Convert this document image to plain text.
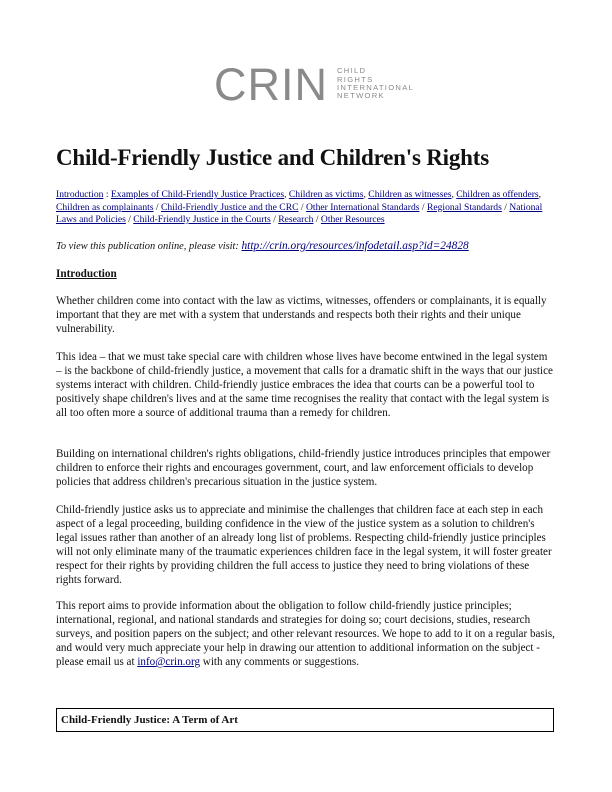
CRIN CHILD
RIGHTS
INTERNATIONAL
NETWORK
Child-Friendly Justice and Children's Rights
Introduction : Examples of Child-Friendly Justice Practices, Children as victims, Children as witnesses, Children as offenders, Children as complainants / Child-Friendly Justice and the CRC / Other International Standards / Regional Standards / National Laws and Policies / Child-Friendly Justice in the Courts / Research / Other Resources
To view this publication online, please visit: http://crin.org/resources/infodetail.asp?id=24828
Introduction

Whether children come into contact with the law as victims, witnesses, offenders or complainants, it is equally important that they are met with a system that understands and respects both their rights and their unique vulnerability.

This idea – that we must take special care with children whose lives have become entwined in the legal system – is the backbone of child-friendly justice, a movement that calls for a dramatic shift in the ways that our justice systems interact with children. Child-friendly justice embraces the idea that courts can be a powerful tool to positively shape children's lives and at the same time recognises the reality that contact with the legal system is all too often more a source of additional trauma than a remedy for children.

Building on international children's rights obligations, child-friendly justice introduces principles that empower children to enforce their rights and encourages government, court, and law enforcement officials to develop policies that address children's precarious situation in the justice system.

Child-friendly justice asks us to appreciate and minimise the challenges that children face at each step in each aspect of a legal proceeding, building confidence in the view of the justice system as a solution to children's legal issues rather than another of an already long list of problems. Respecting child-friendly justice principles will not only eliminate many of the traumatic experiences children face in the legal system, it will foster greater respect for their rights by providing children the full access to justice they need to bring violations of these rights forward.

This report aims to provide information about the obligation to follow child-friendly justice principles; international, regional, and national standards and strategies for doing so; court decisions, studies, research surveys, and position papers on the subject; and other relevant resources. We hope to add to it on a regular basis, and would very much appreciate your help in drawing our attention to additional information on the subject - please email us at info@crin.org with any comments or suggestions.

Child-Friendly Justice: A Term of Art
